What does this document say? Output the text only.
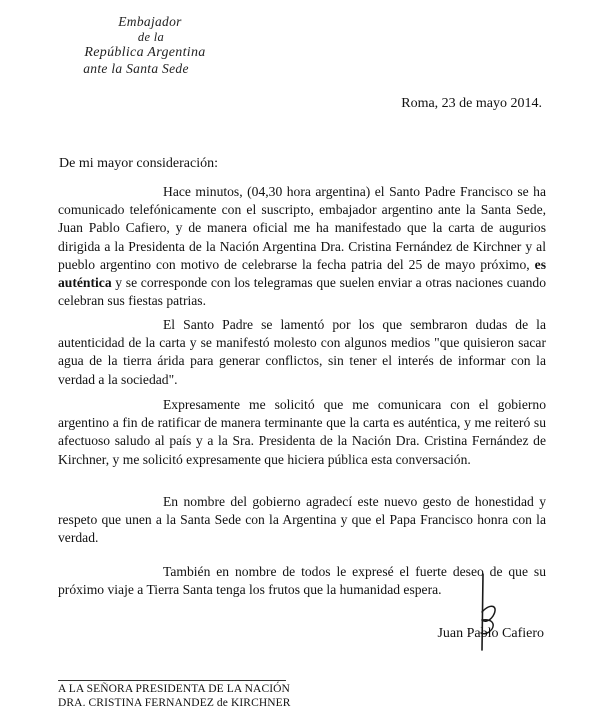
Embajador
de la
República Argentina
ante la Santa Sede
Roma, 23 de mayo 2014.
De mi mayor consideración:

Hace minutos, (04,30 hora argentina) el Santo Padre Francisco se ha comunicado telefónicamente con el suscripto, embajador argentino ante la Santa Sede, Juan Pablo Cafiero, y de manera oficial me ha manifestado que la carta de augurios dirigida a la Presidenta de la Nación Argentina Dra. Cristina Fernández de Kirchner y al pueblo argentino con motivo de celebrarse la fecha patria del 25 de mayo próximo, es auténtica y se corresponde con los telegramas que suelen enviar a otras naciones cuando celebran sus fiestas patrias.

El Santo Padre se lamentó por los que sembraron dudas de la autenticidad de la carta y se manifestó molesto con algunos medios "que quisieron sacar agua de la tierra árida para generar conflictos, sin tener el interés de informar con la verdad a la sociedad".

Expresamente me solicitó que me comunicara con el gobierno argentino a fin de ratificar de manera terminante que la carta es auténtica, y me reiteró su afectuoso saludo al país y a la Sra. Presidenta de la Nación Dra. Cristina Fernández de Kirchner, y me solicitó expresamente que hiciera pública esta conversación.

En nombre del gobierno agradecí este nuevo gesto de honestidad y respeto que unen a la Santa Sede con la Argentina y que el Papa Francisco honra con la verdad.

También en nombre de todos le expresé el fuerte deseo de que su próximo viaje a Tierra Santa tenga los frutos que la humanidad espera.

Juan Pablo Cafiero
A LA SEÑORA PRESIDENTA DE LA NACIÓN
DRA. CRISTINA FERNANDEZ de KIRCHNER
